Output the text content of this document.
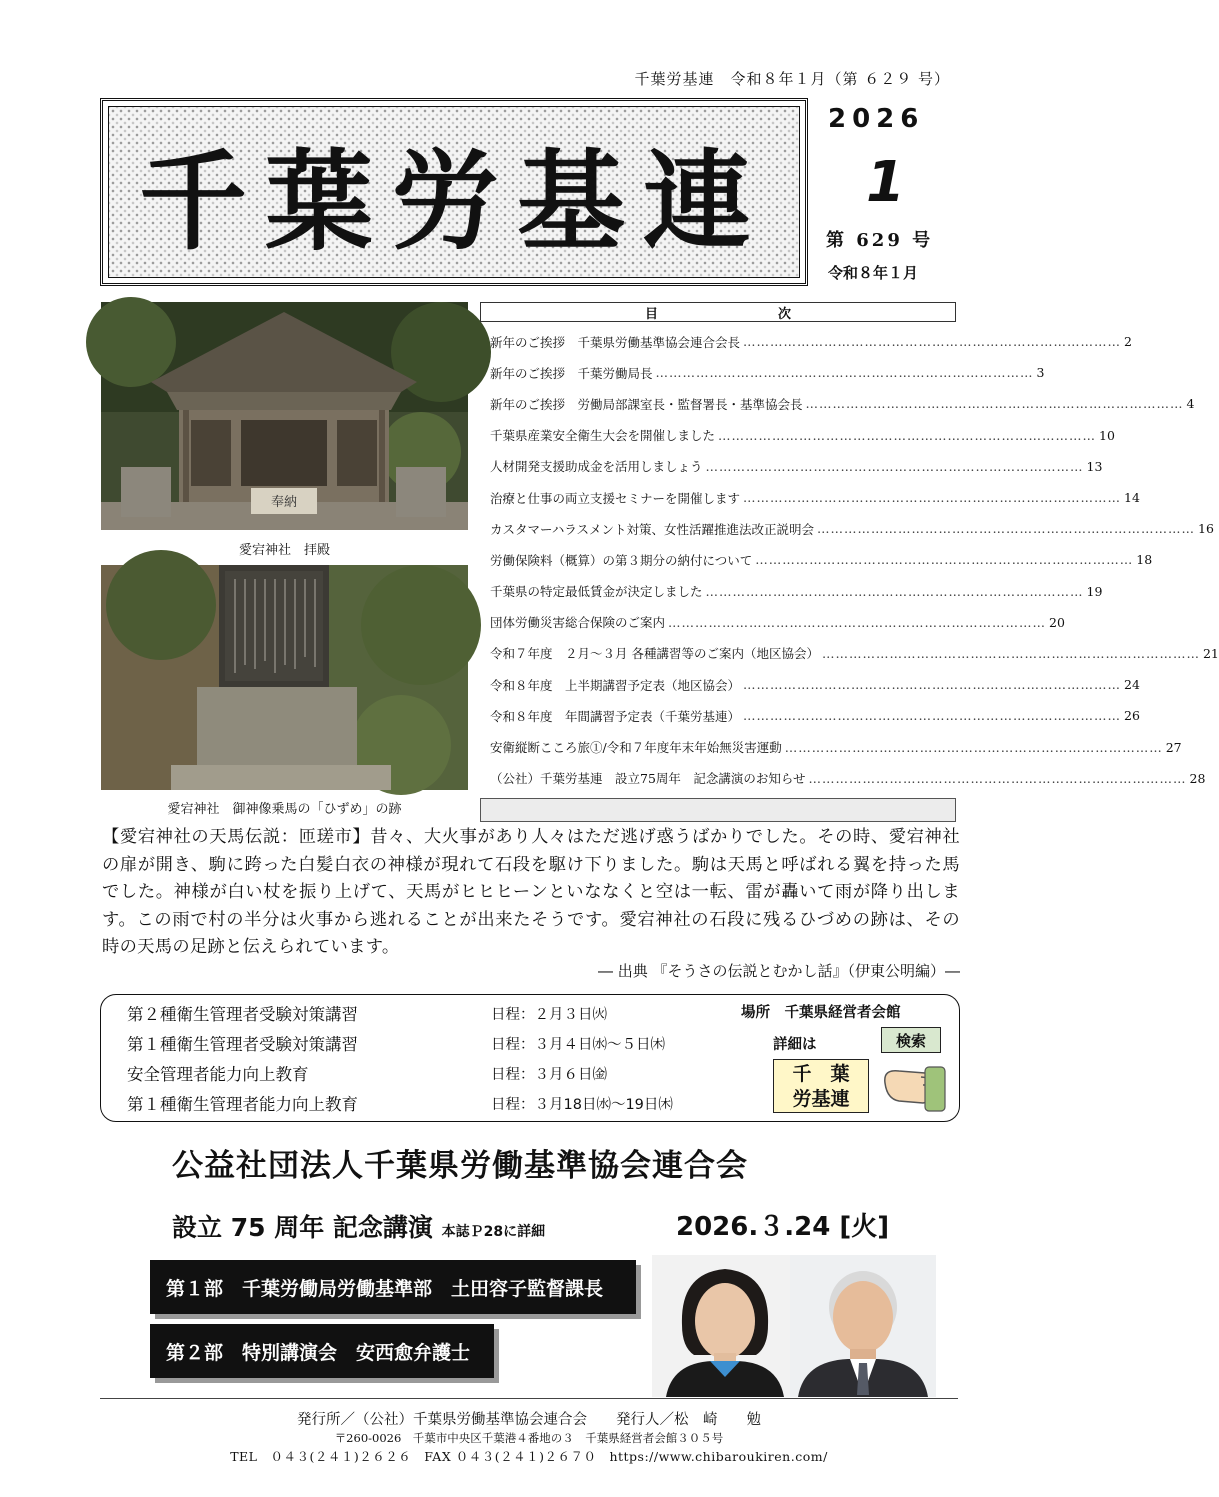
千葉労基連　令和８年１月（第 ６２９ 号）
千葉労基連
2026
1
第 629 号
令和８年１月
奉納
愛宕神社　拝殿
愛宕神社　御神像乗馬の「ひずめ」の跡
目	次
新年のご挨拶　千葉県労働基準協会連合会長 ………………………………………………………………………… 2
新年のご挨拶　千葉労働局長 ………………………………………………………………………… 3
新年のご挨拶　労働局部課室長・監督署長・基準協会長 ………………………………………………………………………… 4
千葉県産業安全衛生大会を開催しました ………………………………………………………………………… 10
人材開発支援助成金を活用しましょう ………………………………………………………………………… 13
治療と仕事の両立支援セミナーを開催します ………………………………………………………………………… 14
カスタマーハラスメント対策、女性活躍推進法改正説明会 ………………………………………………………………………… 16
労働保険料（概算）の第３期分の納付について ………………………………………………………………………… 18
千葉県の特定最低賃金が決定しました ………………………………………………………………………… 19
団体労働災害総合保険のご案内 ………………………………………………………………………… 20
令和７年度　２月～３月 各種講習等のご案内（地区協会） ………………………………………………………………………… 21
令和８年度　上半期講習予定表（地区協会） ………………………………………………………………………… 24
令和８年度　年間講習予定表（千葉労基連） ………………………………………………………………………… 26
安衛縦断こころ旅①/令和７年度年末年始無災害運動 ………………………………………………………………………… 27
（公社）千葉労基連　設立75周年　記念講演のお知らせ ………………………………………………………………………… 28
【愛宕神社の天馬伝説：匝瑳市】昔々、大火事があり人々はただ逃げ惑うばかりでした。その時、愛宕神社の扉が開き、駒に跨った白髪白衣の神様が現れて石段を駆け下りました。駒は天馬と呼ばれる翼を持った馬でした。神様が白い杖を振り上げて、天馬がヒヒヒーンといななくと空は一転、雷が轟いて雨が降り出します。この雨で村の半分は火事から逃れることが出来たそうです。愛宕神社の石段に残るひづめの跡は、その時の天馬の足跡と伝えられています。
― 出典 『そうさの伝説とむかし話』（伊東公明編）―
第２種衛生管理者受験対策講習	日程：２月３日㈫
第１種衛生管理者受験対策講習	日程：３月４日㈬～５日㈭
安全管理者能力向上教育	日程：３月６日㈮
第１種衛生管理者能力向上教育	日程：３月18日㈬～19日㈭
場所　千葉県経営者会館
詳細は	検索
千　葉
労基連
公益社団法人千葉県労働基準協会連合会
設立 75 周年 記念講演 本誌Ｐ28に詳細	2026.３.24 [火]
第１部　千葉労働局労働基準部　土田容子監督課長
第２部　特別講演会　安西愈弁護士
発行所／（公社）千葉県労働基準協会連合会　　発行人／松　崎　　勉
〒260-0026　千葉市中央区千葉港４番地の３　千葉県経営者会館３０５号
TEL　０４３(２４１)２６２６　FAX ０４３(２４１)２６７０　https://www.chibaroukiren.com/
